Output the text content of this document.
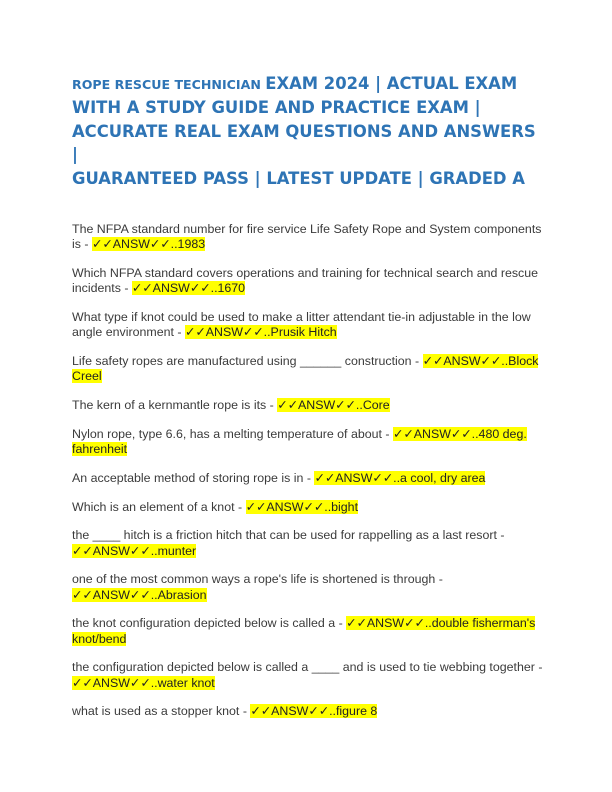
ROPE RESCUE TECHNICIAN EXAM 2024 | ACTUAL EXAM
WITH A STUDY GUIDE AND PRACTICE EXAM |
ACCURATE REAL EXAM QUESTIONS AND ANSWERS |
GUARANTEED PASS | LATEST UPDATE | GRADED A
The NFPA standard number for fire service Life Safety Rope and System components
is - ✓✓ANSW✓✓..1983
Which NFPA standard covers operations and training for technical search and rescue
incidents - ✓✓ANSW✓✓..1670
What type if knot could be used to make a litter attendant tie-in adjustable in the low
angle environment - ✓✓ANSW✓✓..Prusik Hitch
Life safety ropes are manufactured using ______ construction - ✓✓ANSW✓✓..Block
Creel
The kern of a kernmantle rope is its - ✓✓ANSW✓✓..Core
Nylon rope, type 6.6, has a melting temperature of about - ✓✓ANSW✓✓..480 deg.
fahrenheit
An acceptable method of storing rope is in - ✓✓ANSW✓✓..a cool, dry area
Which is an element of a knot - ✓✓ANSW✓✓..bight
the ____ hitch is a friction hitch that can be used for rappelling as a last resort -
✓✓ANSW✓✓..munter
one of the most common ways a rope's life is shortened is through -
✓✓ANSW✓✓..Abrasion
the knot configuration depicted below is called a - ✓✓ANSW✓✓..double fisherman's
knot/bend
the configuration depicted below is called a ____ and is used to tie webbing together -
✓✓ANSW✓✓..water knot
what is used as a stopper knot - ✓✓ANSW✓✓..figure 8
